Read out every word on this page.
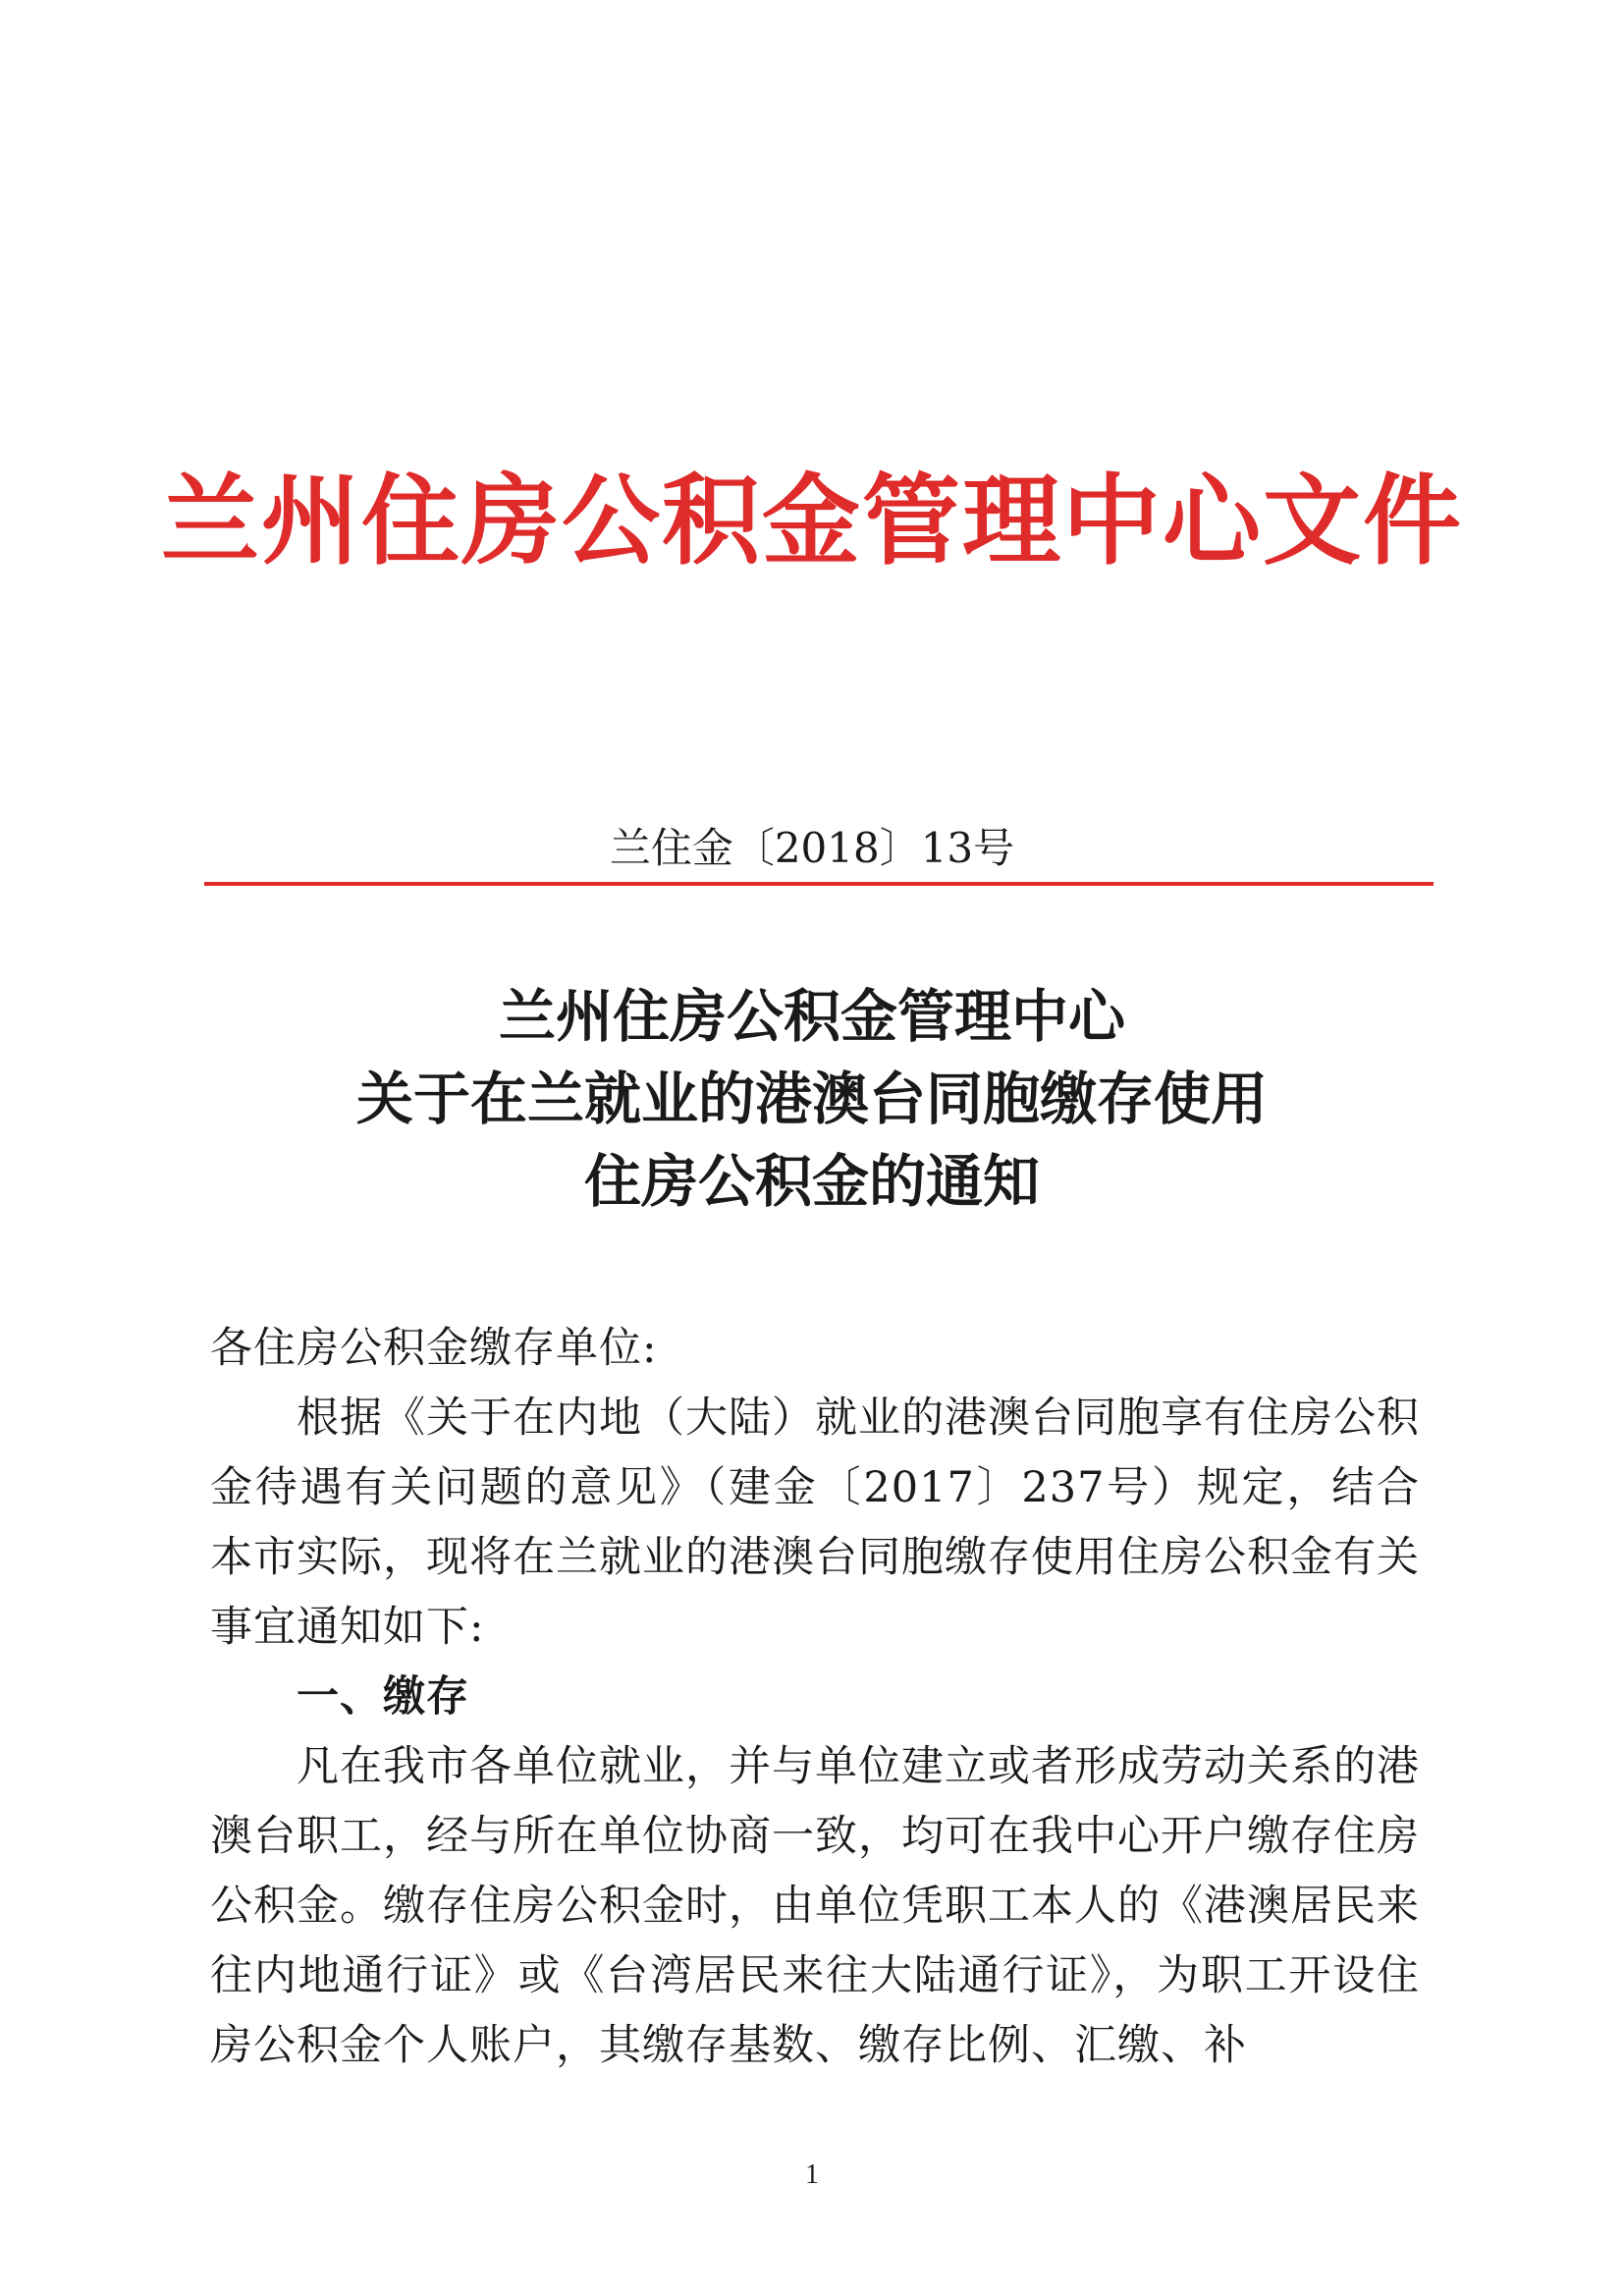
兰州住房公积金管理中心文件
兰住金〔2018〕13号
兰州住房公积金管理中心
关于在兰就业的港澳台同胞缴存使用
住房公积金的通知
各住房公积金缴存单位:
根据《关于在内地（大陆）就业的港澳台同胞享有住房公积金待遇有关问题的意见》（建金〔2017〕237号）规定，结合本市实际，现将在兰就业的港澳台同胞缴存使用住房公积金有关事宜通知如下:
一、缴存
凡在我市各单位就业，并与单位建立或者形成劳动关系的港澳台职工，经与所在单位协商一致，均可在我中心开户缴存住房公积金。缴存住房公积金时，由单位凭职工本人的《港澳居民来往内地通行证》或《台湾居民来往大陆通行证》，为职工开设住房公积金个人账户，其缴存基数、缴存比例、汇缴、补
1
